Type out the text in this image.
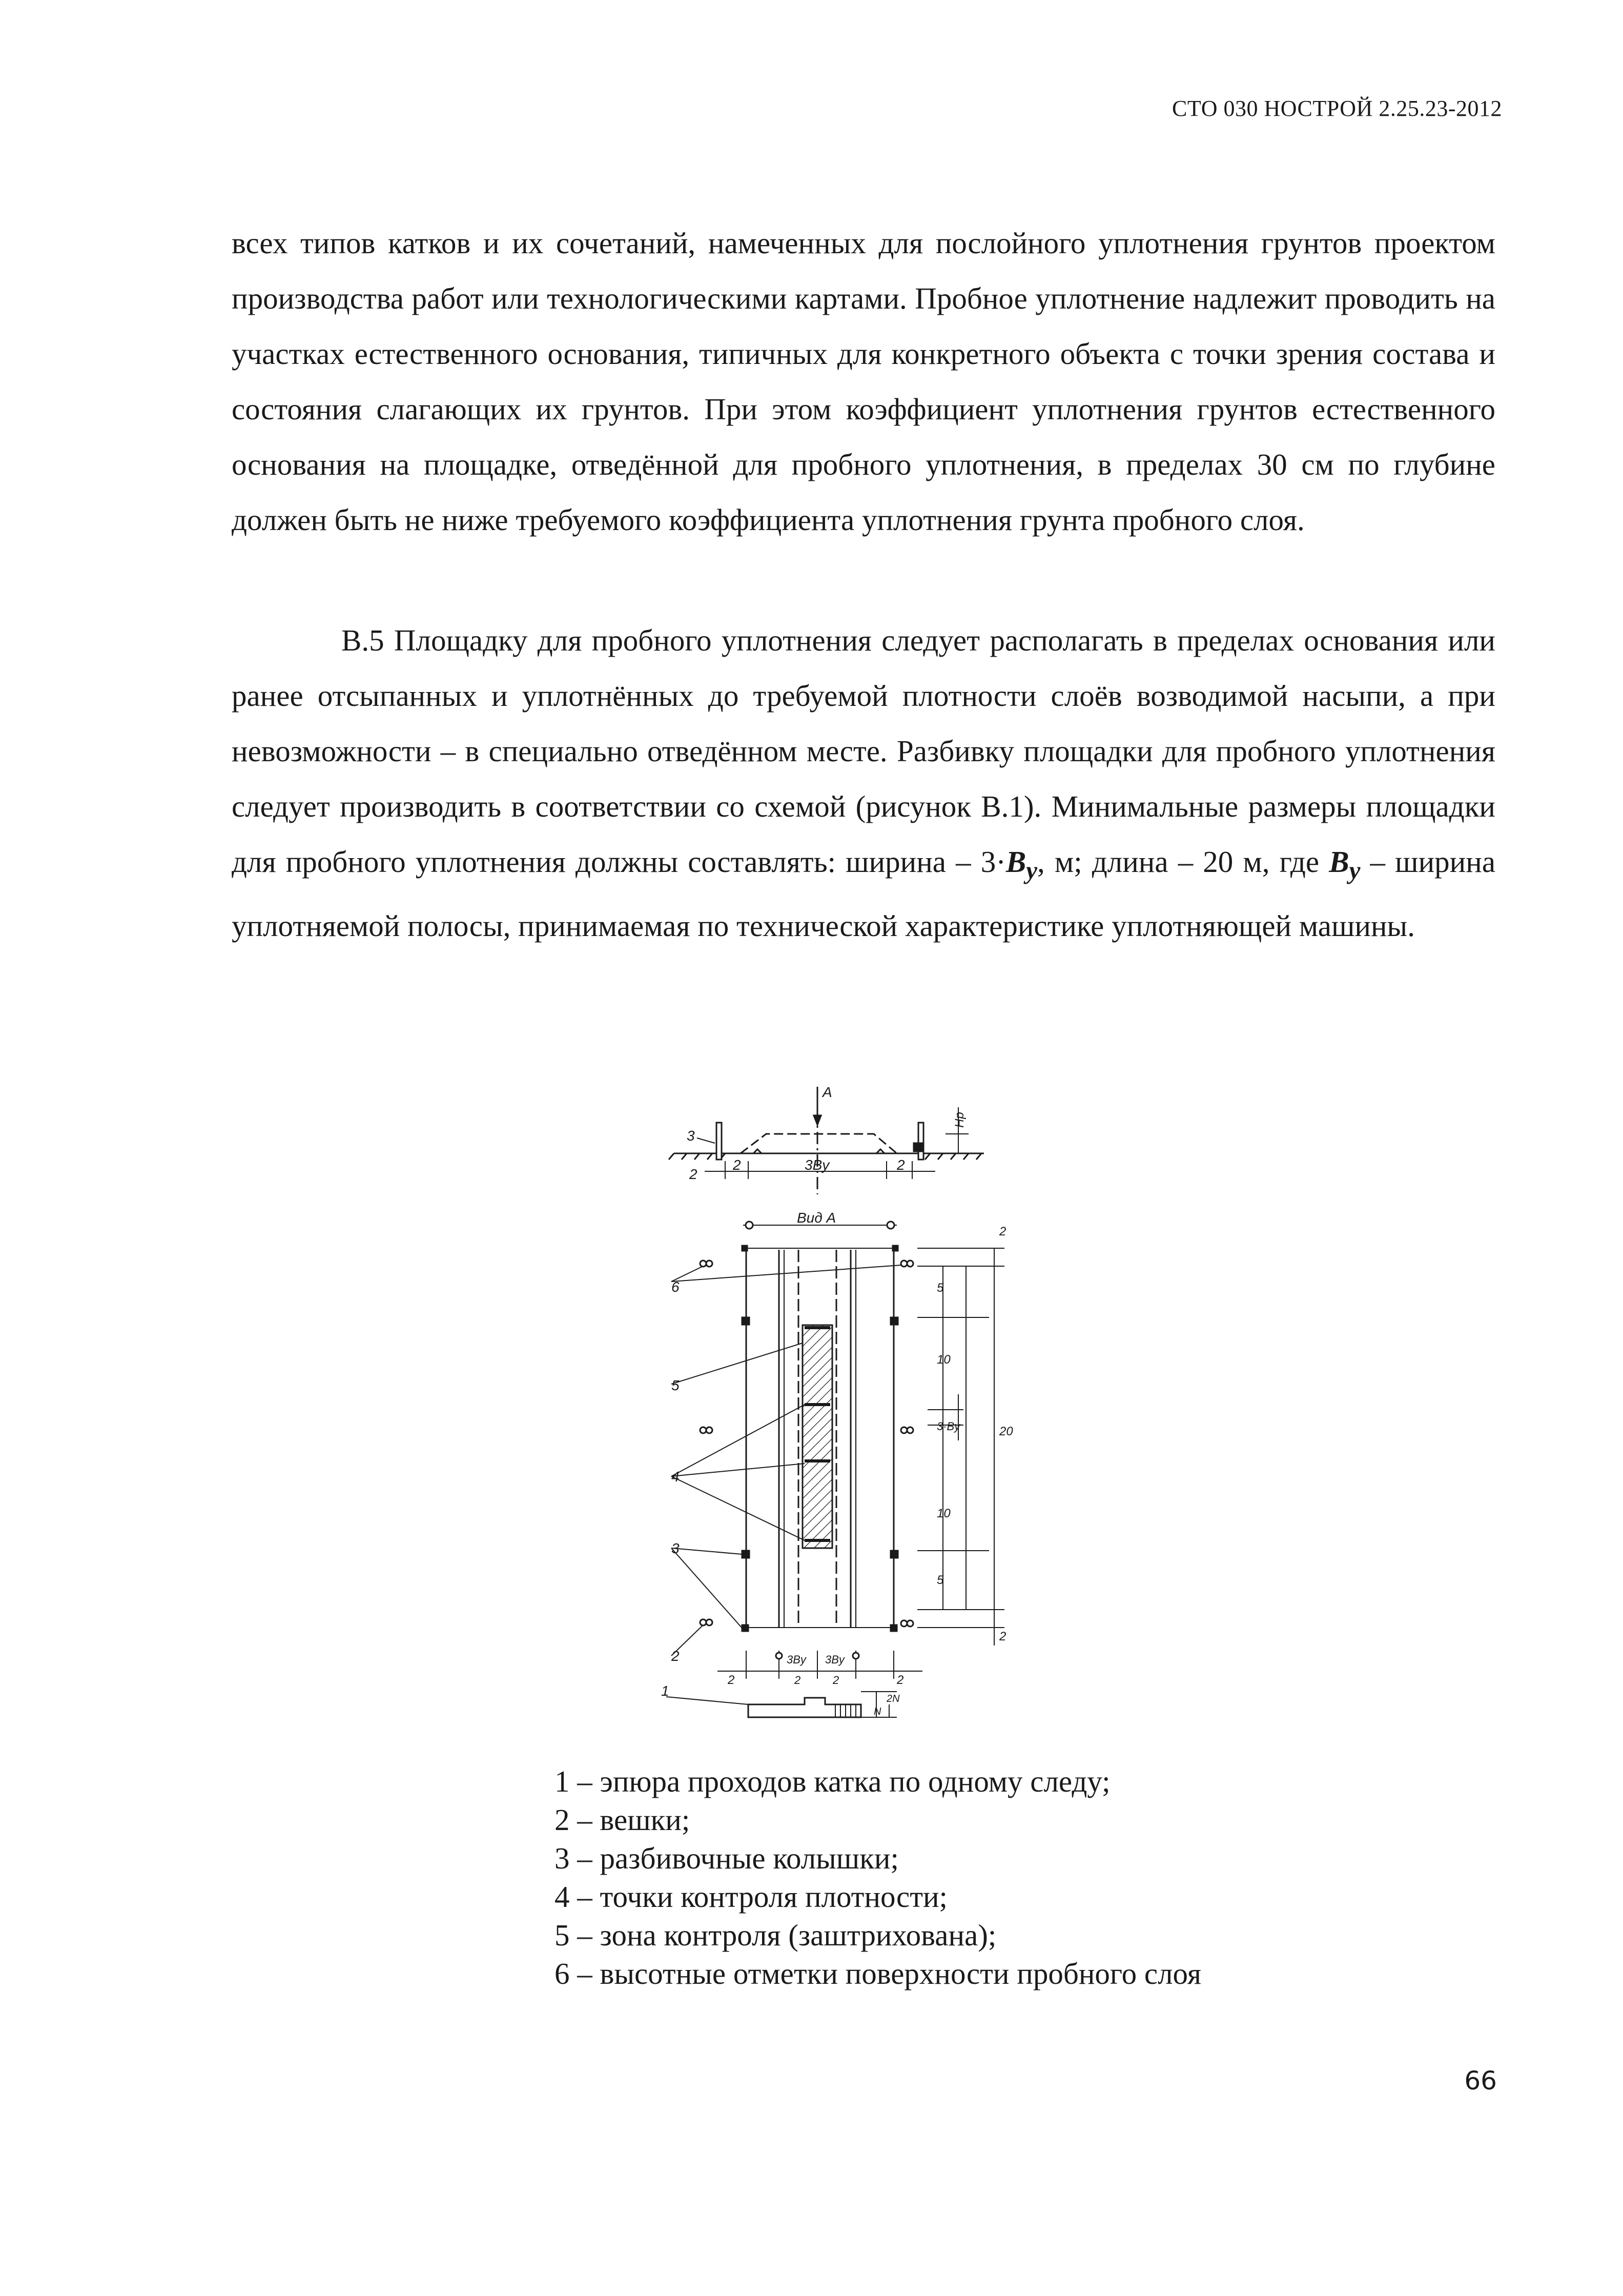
СТО 030 НОСТРОЙ 2.25.23-2012

всех типов катков и их сочетаний, намеченных для послойного уплотнения грунтов проектом производства работ или технологическими картами. Пробное уплотнение надлежит проводить на участках естественного основания, типичных для конкретного объекта с точки зрения состава и состояния слагающих их грунтов. При этом коэффициент уплотнения грунтов естественного основания на площадке, отведённой для пробного уплотнения, в пределах 30 см по глубине должен быть не ниже требуемого коэффициента уплотнения грунта пробного слоя.

В.5 Площадку для пробного уплотнения следует располагать в пределах основания или ранее отсыпанных и уплотнённых до требуемой плотности слоёв возводимой насыпи, а при невозможности – в специально отведённом месте. Разбивку площадки для пробного уплотнения следует производить в соответствии со схемой (рисунок В.1). Минимальные размеры площадки для пробного уплотнения должны составлять: ширина – $3\cdot B_у$, м; длина – 20 м, где $B_у$ – ширина уплотняемой полосы, принимаемая по технической характеристике уплотняющей машины.

А
Hp
3
2
2	3Bу	2
Вид А
2
6
5
4
3
2
5
10
3·Bу
10
5
20
2
2
3Bу
2
3Bу
2	2
1
N
2N
1 – эпюра проходов катка по одному следу;
2 – вешки;
3 – разбивочные колышки;
4 – точки контроля плотности;
5 – зона контроля (заштрихована);
6 – высотные отметки поверхности пробного слоя
66
